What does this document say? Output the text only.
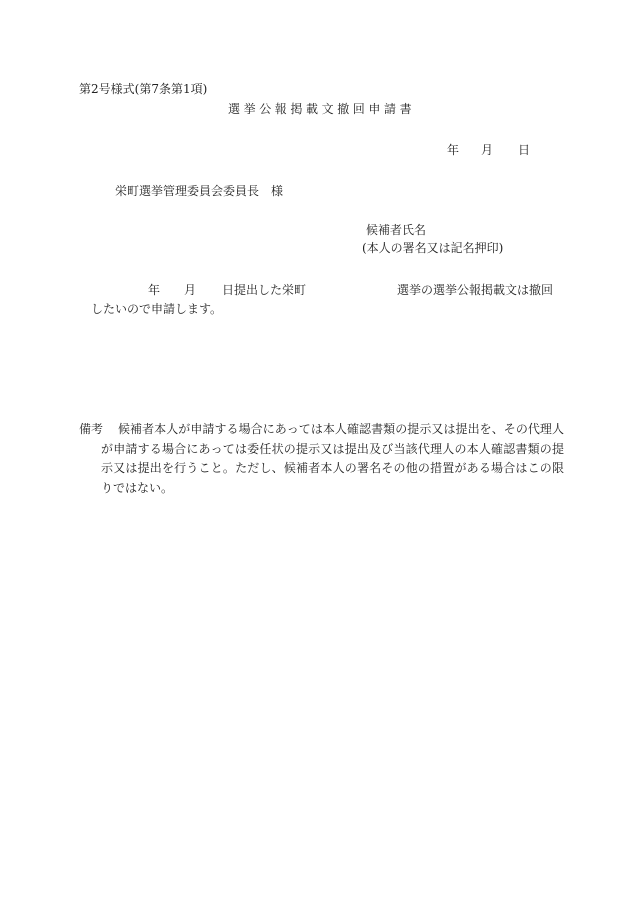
第2号様式(第7条第1項)
選挙公報掲載文撤回申請書
年 月 日
栄町選挙管理委員会委員長　様
候補者氏名
(本人の署名又は記名押印)
年 月 日提出した栄町	選挙の選挙公報掲載文は撤回
したいので申請します。
備考	候補者本人が申請する場合にあっては本人確認書類の提示又は提出を、その代理人が申請する場合にあっては委任状の提示又は提出及び当該代理人の本人確認書類の提示又は提出を行うこと。ただし、候補者本人の署名その他の措置がある場合はこの限りではない。
